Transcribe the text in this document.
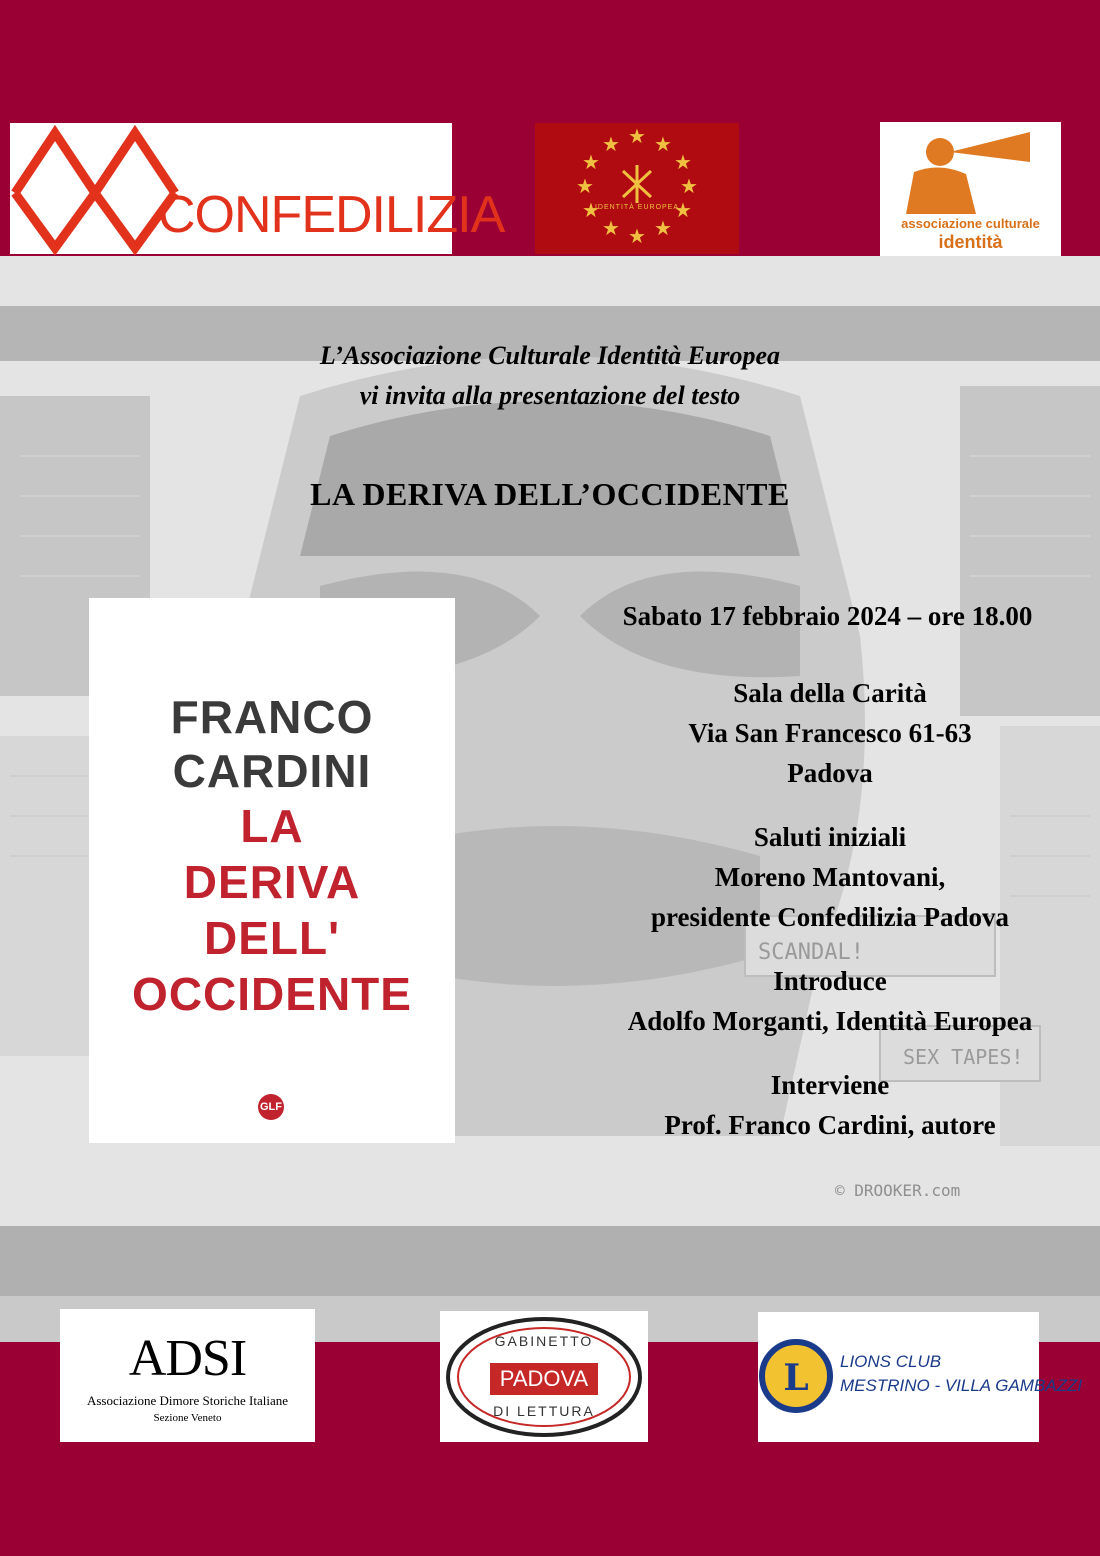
SCANDAL!
SEX TAPES!
© DROOKER.com
CONFEDILIZIA
★ ★
★
★
★
★
★
★
★
★
★
★
IDENTITÀ EUROPEA
associazione culturale
identità
L’Associazione Culturale Identità Europea
vi invita alla presentazione del testo
LA DERIVA DELL’OCCIDENTE
FRANCO
CARDINI
LA
DERIVA
DELL'
OCCIDENTE
GLF
Sabato 17 febbraio 2024 – ore 18.00
Sala della Carità
Via San Francesco 61-63
Padova
Saluti iniziali
Moreno Mantovani,
presidente Confedilizia Padova
Introduce
Adolfo Morganti, Identità Europea
Interviene
Prof. Franco Cardini, autore
ADSI
Associazione Dimore Storiche Italiane
Sezione Veneto
GABINETTO
PADOVA
DI LETTURA
L LIONS CLUB
MESTRINO - VILLA GAMBAZZI
